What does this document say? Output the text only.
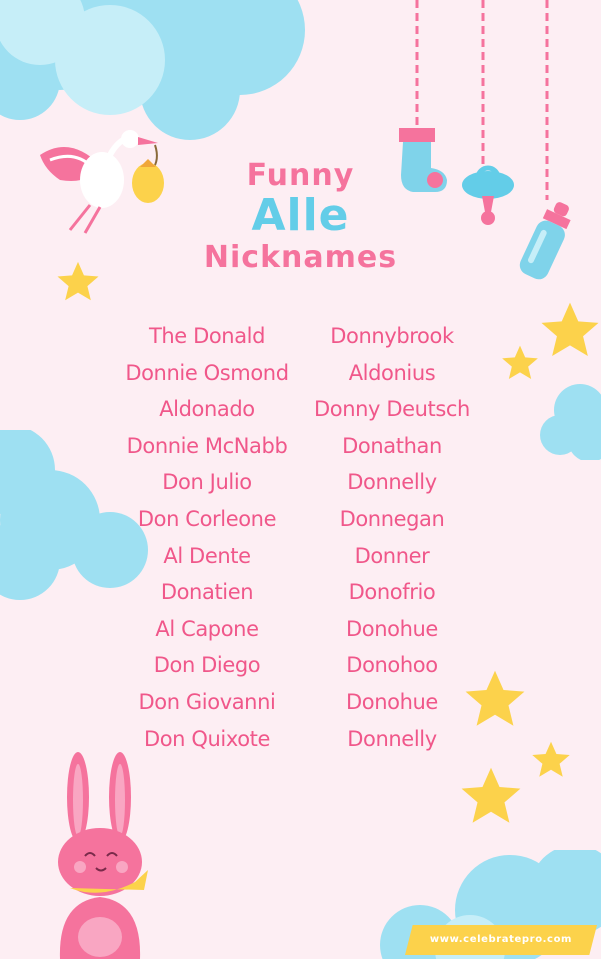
Funny
Alle
Nicknames
The Donald
Donnie Osmond
Aldonado
Donnie McNabb
Don Julio
Don Corleone
Al Dente
Donatien
Al Capone
Don Diego
Don Giovanni
Don Quixote
Donnybrook
Aldonius
Donny Deutsch
Donathan
Donnelly
Donnegan
Donner
Donofrio
Donohue
Donohoo
Donohue
Donnelly
www.celebratepro.com
